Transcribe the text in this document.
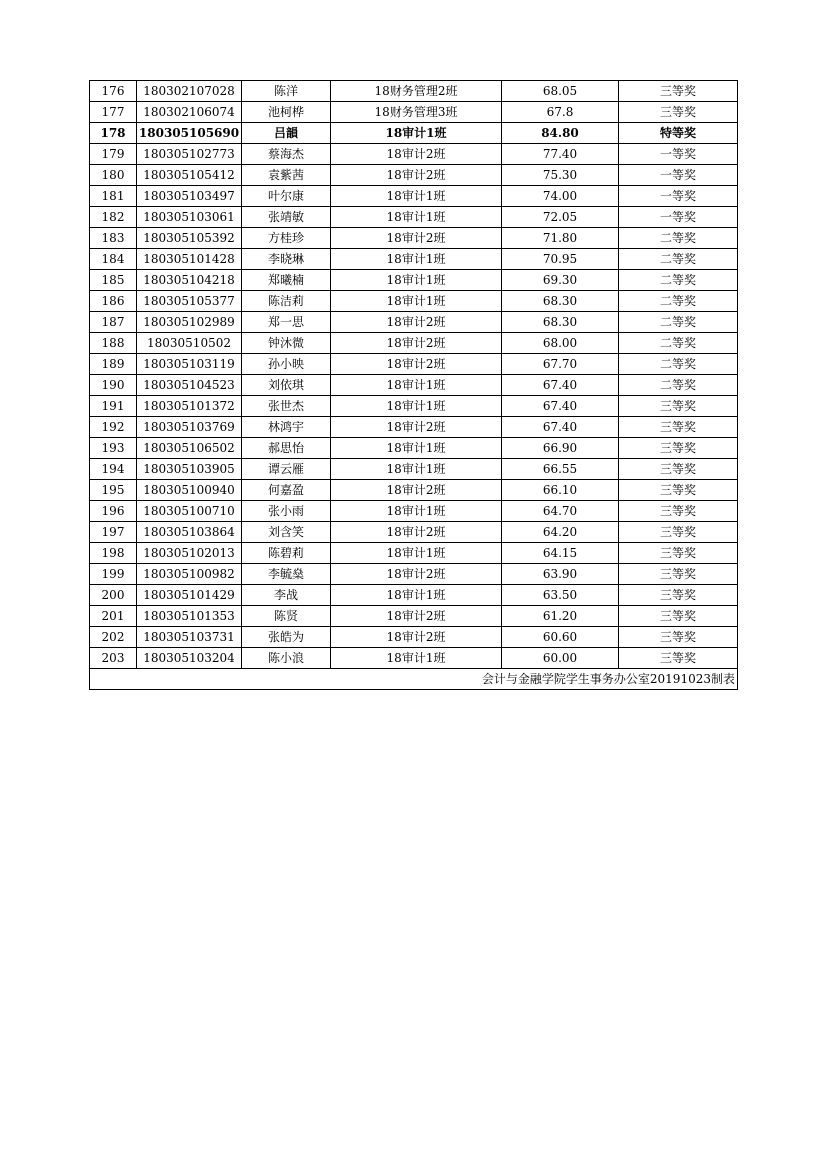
176	180302107028	陈洋	18财务管理2班	68.05	三等奖
177	180302106074	池柯桦	18财务管理3班	67.8	三等奖
178	180305105690	吕韻	18审计1班	84.80	特等奖
179	180305102773	蔡海杰	18审计2班	77.40	一等奖
180	180305105412	袁紫茜	18审计2班	75.30	一等奖
181	180305103497	叶尔康	18审计1班	74.00	一等奖
182	180305103061	张靖敏	18审计1班	72.05	一等奖
183	180305105392	方桂珍	18审计2班	71.80	二等奖
184	180305101428	李晓琳	18审计1班	70.95	二等奖
185	180305104218	郑曦楠	18审计1班	69.30	二等奖
186	180305105377	陈洁莉	18审计1班	68.30	二等奖
187	180305102989	郑一思	18审计2班	68.30	二等奖
188	18030510502	钟沐微	18审计2班	68.00	二等奖
189	180305103119	孙小映	18审计2班	67.70	二等奖
190	180305104523	刘依琪	18审计1班	67.40	二等奖
191	180305101372	张世杰	18审计1班	67.40	三等奖
192	180305103769	林鸿宇	18审计2班	67.40	三等奖
193	180305106502	郝思怡	18审计1班	66.90	三等奖
194	180305103905	谭云雁	18审计1班	66.55	三等奖
195	180305100940	何嘉盈	18审计2班	66.10	三等奖
196	180305100710	张小雨	18审计1班	64.70	三等奖
197	180305103864	刘含笑	18审计2班	64.20	三等奖
198	180305102013	陈碧莉	18审计1班	64.15	三等奖
199	180305100982	李毓燊	18审计2班	63.90	三等奖
200	180305101429	李战	18审计1班	63.50	三等奖
201	180305101353	陈贤	18审计2班	61.20	三等奖
202	180305103731	张皓为	18审计2班	60.60	三等奖
203	180305103204	陈小浪	18审计1班	60.00	三等奖
会计与金融学院学生事务办公室20191023制表					
